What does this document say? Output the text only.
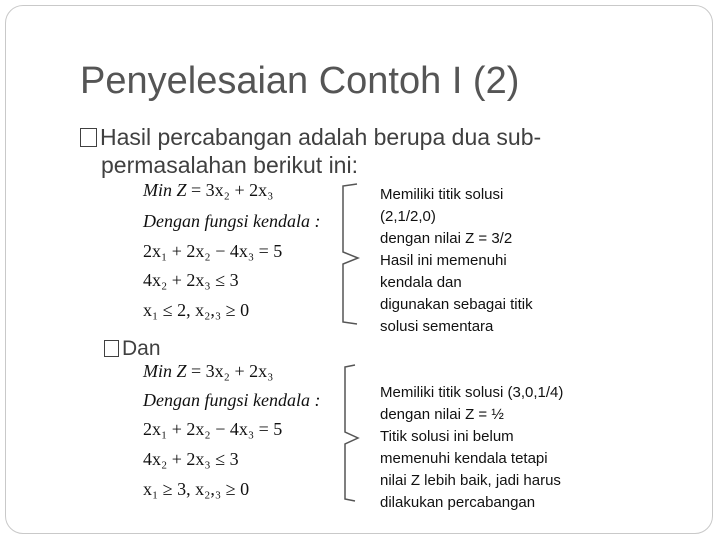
Penyelesaian Contoh I (2)
Hasil percabangan adalah berupa dua sub-
permasalahan berikut ini:
Min Z = 3x₂ + 2x₃
Dengan fungsi kendala :
2x₁ + 2x₂ − 4x₃ = 5
4x₂ + 2x₃ ≤ 3
x₁ ≤ 2, x₂,₃ ≥ 0
Dan
Min Z = 3x₂ + 2x₃
Dengan fungsi kendala :
2x₁ + 2x₂ − 4x₃ = 5
4x₂ + 2x₃ ≤ 3
x₁ ≥ 3, x₂,₃ ≥ 0
Memiliki titik solusi
(2,1/2,0)
dengan nilai Z = 3/2
Hasil ini memenuhi
kendala dan
digunakan sebagai titik
solusi sementara
Memiliki titik solusi (3,0,1/4)
dengan nilai Z = ½
Titik solusi ini belum
memenuhi kendala tetapi
nilai Z lebih baik, jadi harus
dilakukan percabangan
